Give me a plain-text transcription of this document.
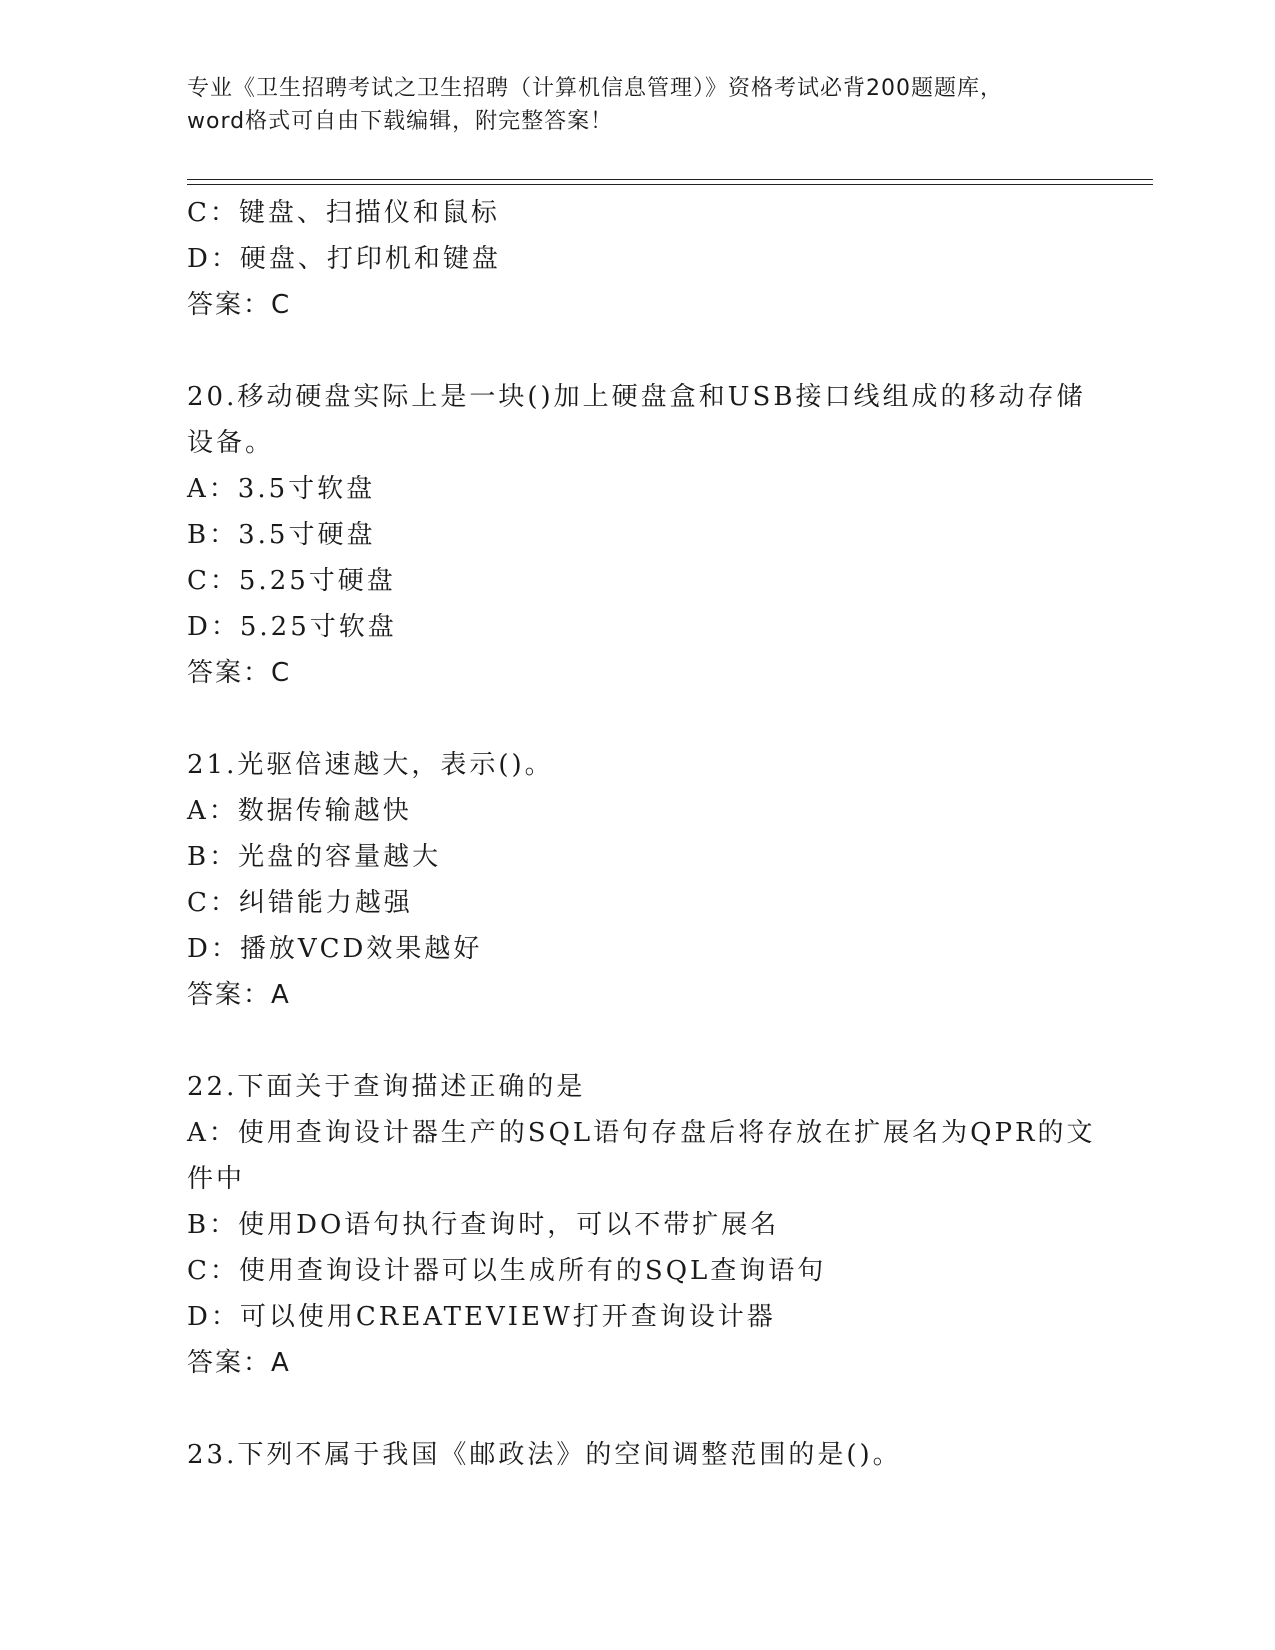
专业《卫生招聘考试之卫生招聘（计算机信息管理）》资格考试必背200题题库，
word格式可自由下载编辑，附完整答案！
C：键盘、扫描仪和鼠标
D：硬盘、打印机和键盘
答案：C
20.移动硬盘实际上是一块()加上硬盘盒和USB接口线组成的移动存储
设备。
A：3.5寸软盘
B：3.5寸硬盘
C：5.25寸硬盘
D：5.25寸软盘
答案：C
21.光驱倍速越大，表示()。
A：数据传输越快
B：光盘的容量越大
C：纠错能力越强
D：播放VCD效果越好
答案：A
22.下面关于查询描述正确的是
A：使用查询设计器生产的SQL语句存盘后将存放在扩展名为QPR的文
件中
B：使用DO语句执行查询时，可以不带扩展名
C：使用查询设计器可以生成所有的SQL查询语句
D：可以使用CREATEVIEW打开查询设计器
答案：A
23.下列不属于我国《邮政法》的空间调整范围的是()。
